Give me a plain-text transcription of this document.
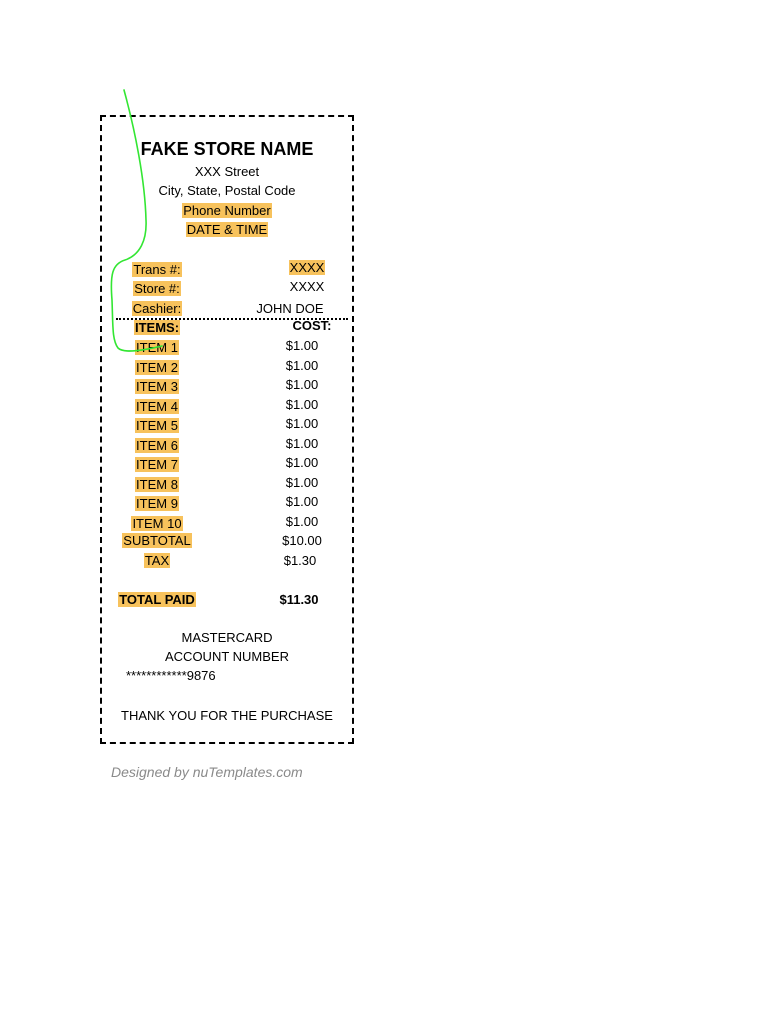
FAKE STORE NAME
XXX Street
City, State, Postal Code
Phone Number
DATE & TIME
Trans #:	XXXX
Store #:	XXXX
Cashier:	JOHN DOE
ITEMS:	COST:
ITEM 1	$1.00
ITEM 2	$1.00
ITEM 3	$1.00
ITEM 4	$1.00
ITEM 5	$1.00
ITEM 6	$1.00
ITEM 7	$1.00
ITEM 8	$1.00
ITEM 9	$1.00
ITEM 10	$1.00
SUBTOTAL	$10.00
TAX	$1.30
TOTAL PAID	$11.30
MASTERCARD
ACCOUNT NUMBER
************9876
THANK YOU FOR THE PURCHASE
Designed by nuTemplates.com
